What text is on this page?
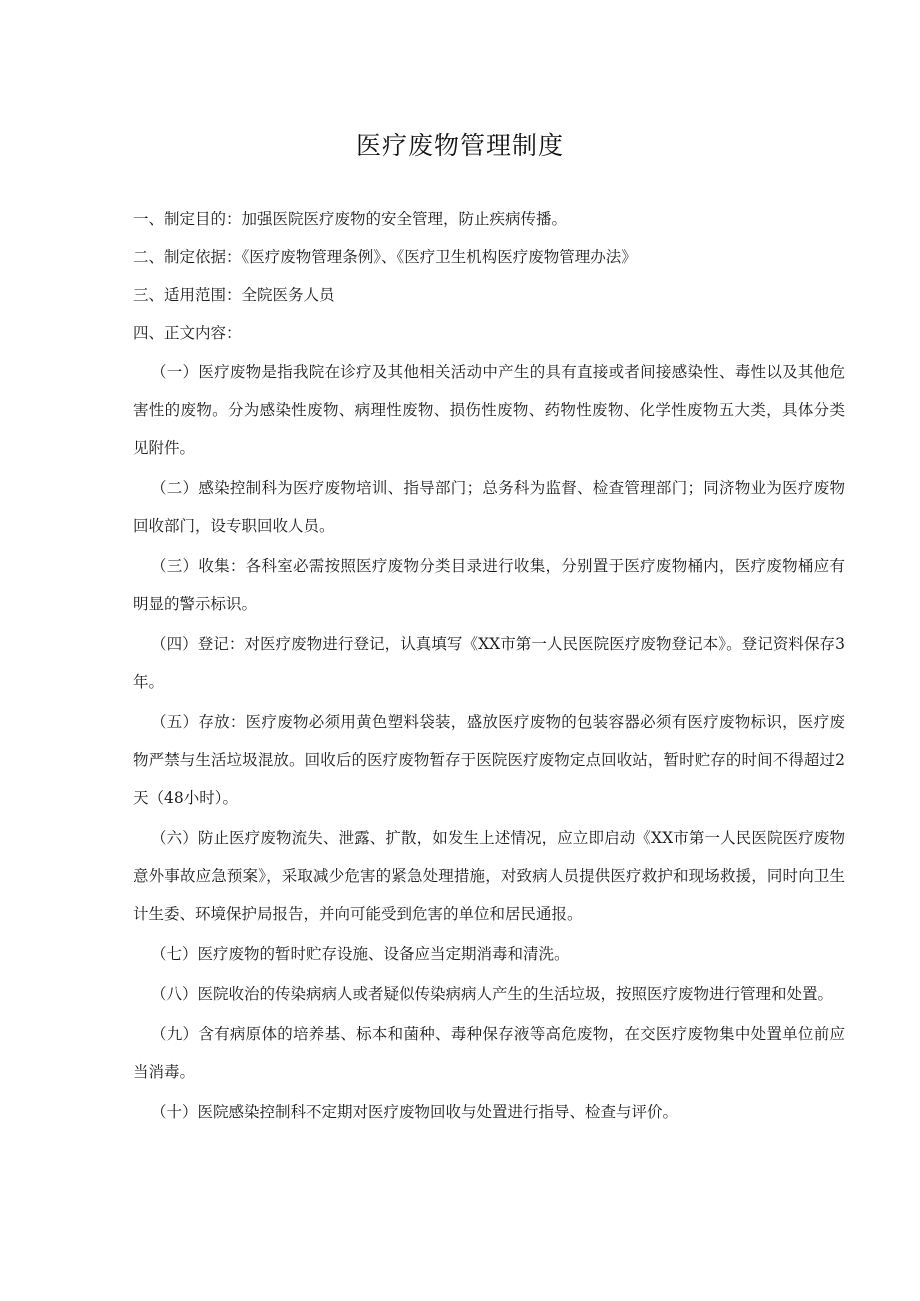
医疗废物管理制度

一、制定目的：加强医院医疗废物的安全管理，防止疾病传播。

二、制定依据：《医疗废物管理条例》、《医疗卫生机构医疗废物管理办法》

三、适用范围：全院医务人员

四、正文内容：

（一）医疗废物是指我院在诊疗及其他相关活动中产生的具有直接或者间接感染性、毒性以及其他危害性的废物。分为感染性废物、病理性废物、损伤性废物、药物性废物、化学性废物五大类，具体分类见附件。

（二）感染控制科为医疗废物培训、指导部门；总务科为监督、检查管理部门；同济物业为医疗废物回收部门，设专职回收人员。

（三）收集：各科室必需按照医疗废物分类目录进行收集，分别置于医疗废物桶内，医疗废物桶应有明显的警示标识。

（四）登记：对医疗废物进行登记，认真填写《XX市第一人民医院医疗废物登记本》。登记资料保存3年。

（五）存放：医疗废物必须用黄色塑料袋装，盛放医疗废物的包装容器必须有医疗废物标识，医疗废物严禁与生活垃圾混放。回收后的医疗废物暂存于医院医疗废物定点回收站，暂时贮存的时间不得超过2天（48小时）。

（六）防止医疗废物流失、泄露、扩散，如发生上述情况，应立即启动《XX市第一人民医院医疗废物意外事故应急预案》，采取减少危害的紧急处理措施，对致病人员提供医疗救护和现场救援，同时向卫生计生委、环境保护局报告，并向可能受到危害的单位和居民通报。

（七）医疗废物的暂时贮存设施、设备应当定期消毒和清洗。

（八）医院收治的传染病病人或者疑似传染病病人产生的生活垃圾，按照医疗废物进行管理和处置。

（九）含有病原体的培养基、标本和菌种、毒种保存液等高危废物，在交医疗废物集中处置单位前应当消毒。

（十）医院感染控制科不定期对医疗废物回收与处置进行指导、检查与评价。
